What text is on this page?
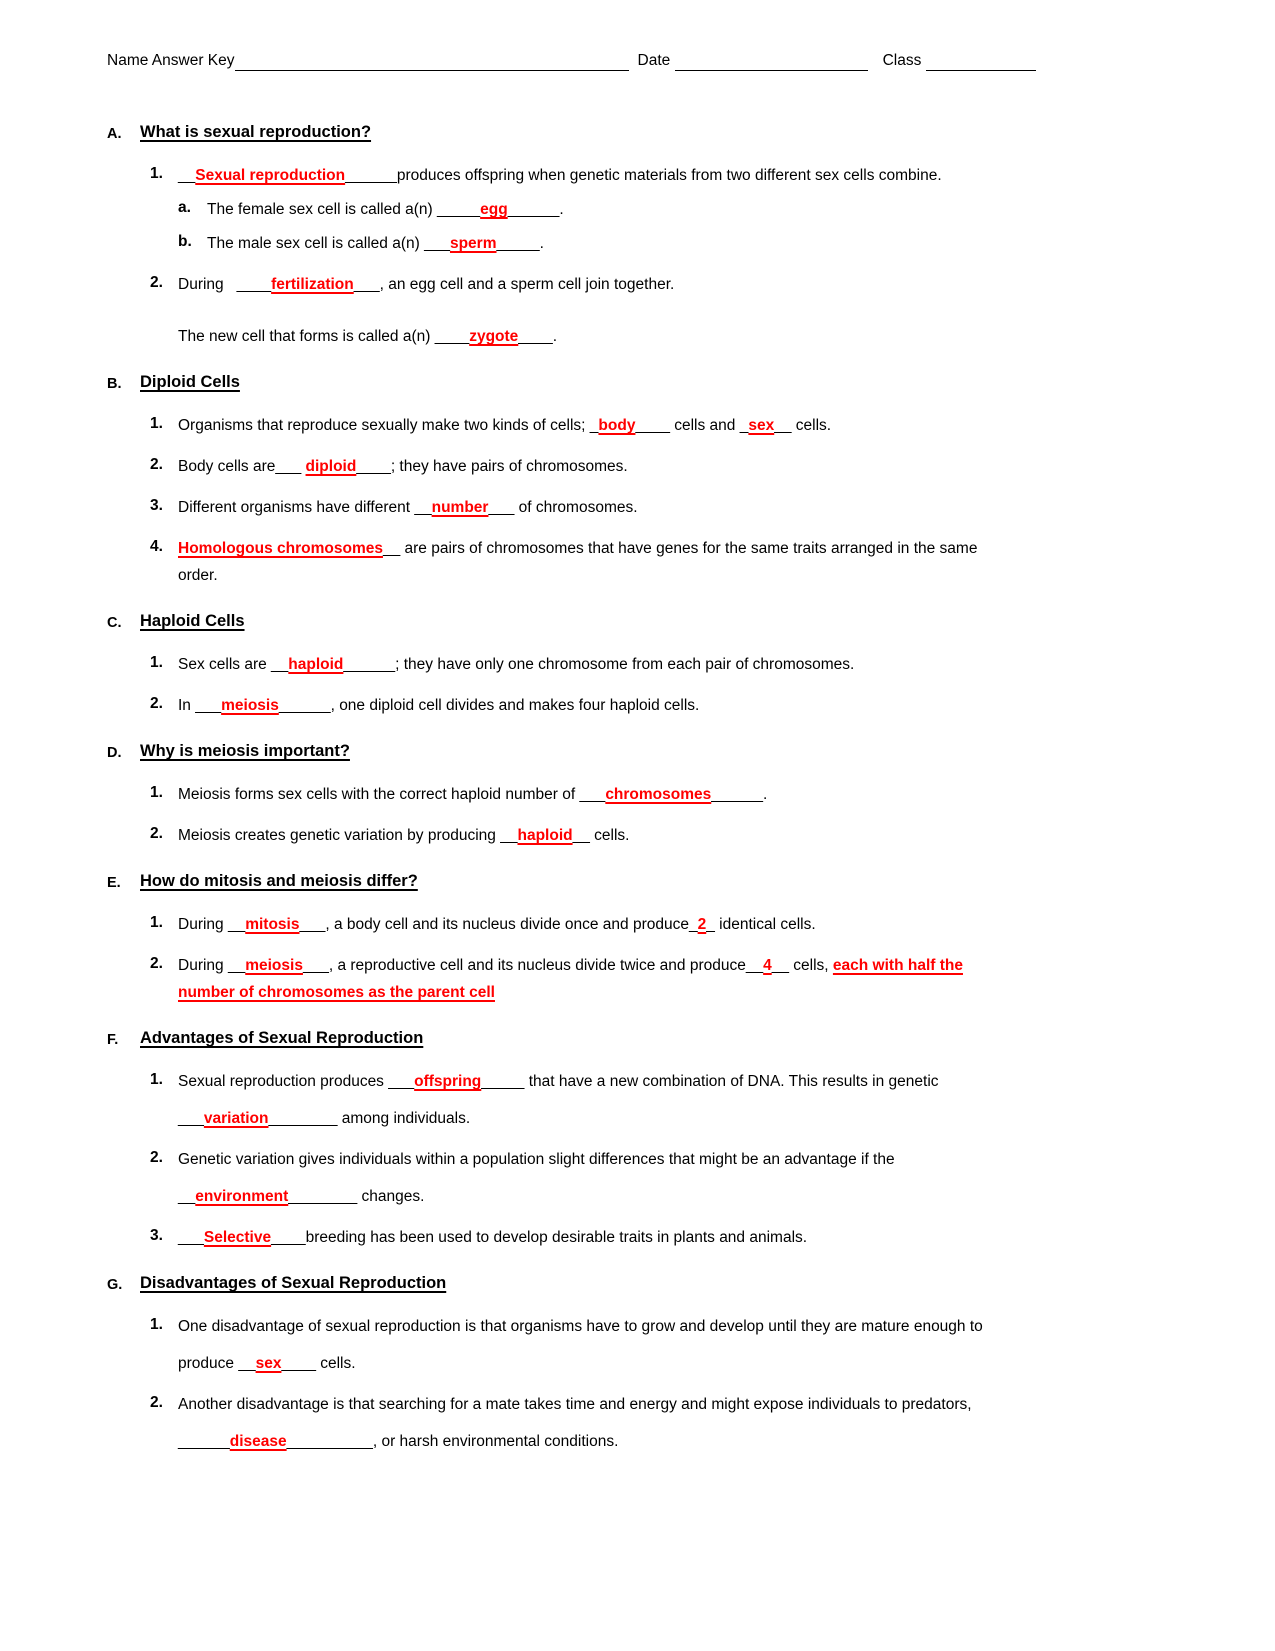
Name Answer Key	Date
	Class

A.	What is sexual reproduction?
1. __Sexual reproduction______produces offspring when genetic materials from two different sex cells combine.
a.	The female sex cell is called a(n) _____egg______.
b. The male sex cell is called a(n) ___sperm_____.
2. During   ____fertilization___, an egg cell and a sperm cell join together.
The new cell that forms is called a(n) ____zygote____.
B.	Diploid Cells
1. Organisms that reproduce sexually make two kinds of cells; _body____ cells and _sex__ cells.
2. Body cells are___ diploid____; they have pairs of chromosomes.
3. Different organisms have different __number___ of chromosomes.
4. Homologous chromosomes__ are pairs of chromosomes that have genes for the same traits arranged in the same
order.
C.	Haploid Cells
1. Sex cells are __haploid______; they have only one chromosome from each pair of chromosomes.
2. In ___meiosis______, one diploid cell divides and makes four haploid cells.
D.	Why is meiosis important?
1. Meiosis forms sex cells with the correct haploid number of ___chromosomes______.
2. Meiosis creates genetic variation by producing __haploid__ cells.
E.	How do mitosis and meiosis differ?
1. During __mitosis___, a body cell and its nucleus divide once and produce_2_ identical cells.
2. During __meiosis___, a reproductive cell and its nucleus divide twice and produce__4__ cells, each with half the
number of chromosomes as the parent cell
F.	Advantages of Sexual Reproduction
1. Sexual reproduction produces ___offspring_____ that have a new combination of DNA. This results in genetic
___variation________ among individuals.
2. Genetic variation gives individuals within a population slight differences that might be an advantage if the
__environment________ changes.
3. ___Selective____breeding has been used to develop desirable traits in plants and animals.
G.	Disadvantages of Sexual Reproduction
1. One disadvantage of sexual reproduction is that organisms have to grow and develop until they are mature enough to
produce __sex____ cells.
2. Another disadvantage is that searching for a mate takes time and energy and might expose individuals to predators,
______disease__________, or harsh environmental conditions.
